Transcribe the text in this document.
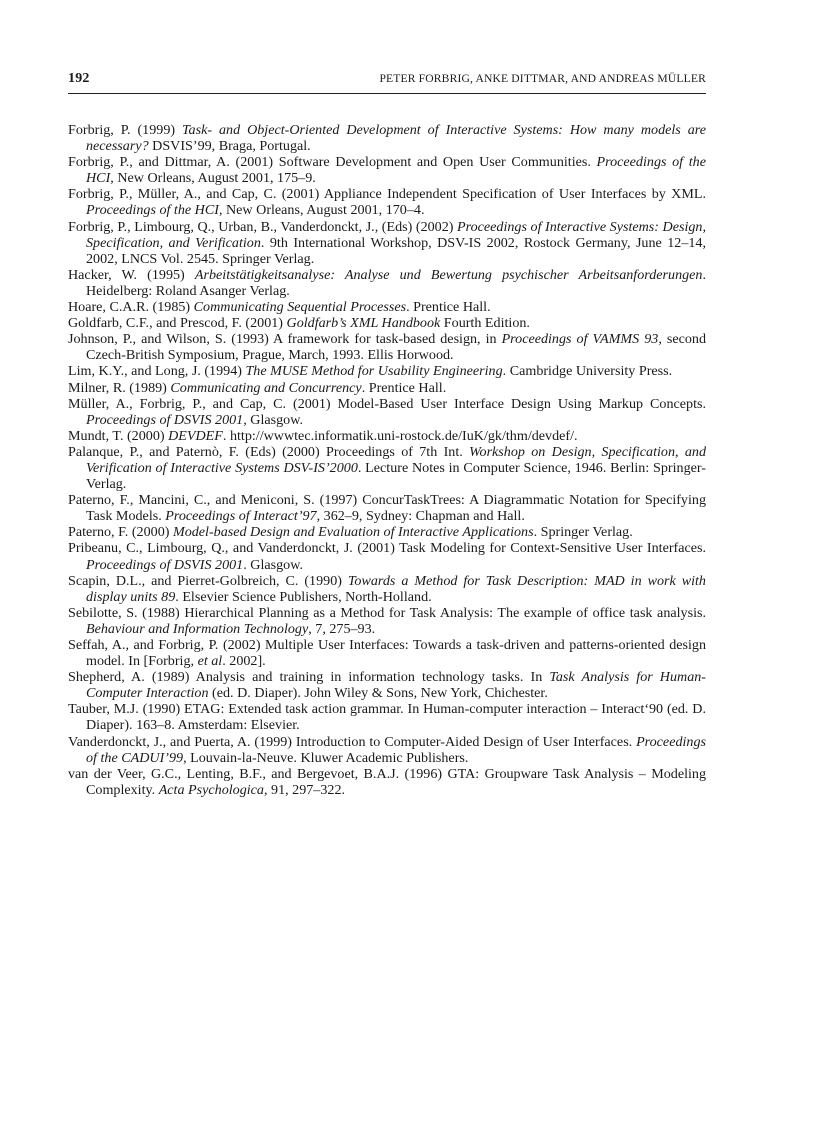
192	PETER FORBRIG, ANKE DITTMAR, AND ANDREAS MÜLLER
Forbrig, P. (1999) Task- and Object-Oriented Development of Interactive Systems: How many models are necessary? DSVIS’99, Braga, Portugal.
Forbrig, P., and Dittmar, A. (2001) Software Development and Open User Communities. Proceedings of the HCI, New Orleans, August 2001, 175–9.
Forbrig, P., Müller, A., and Cap, C. (2001) Appliance Independent Specification of User Interfaces by XML. Proceedings of the HCI, New Orleans, August 2001, 170–4.
Forbrig, P., Limbourg, Q., Urban, B., Vanderdonckt, J., (Eds) (2002) Proceedings of Interactive Systems: Design, Specification, and Verification. 9th International Workshop, DSV-IS 2002, Rostock Germany, June 12–14, 2002, LNCS Vol. 2545. Springer Verlag.
Hacker, W. (1995) Arbeitstätigkeitsanalyse: Analyse und Bewertung psychischer Arbeitsanforderungen. Heidelberg: Roland Asanger Verlag.
Hoare, C.A.R. (1985) Communicating Sequential Processes. Prentice Hall.
Goldfarb, C.F., and Prescod, F. (2001) Goldfarb’s XML Handbook Fourth Edition.
Johnson, P., and Wilson, S. (1993) A framework for task-based design, in Proceedings of VAMMS 93, second Czech-British Symposium, Prague, March, 1993. Ellis Horwood.
Lim, K.Y., and Long, J. (1994) The MUSE Method for Usability Engineering. Cambridge University Press.
Milner, R. (1989) Communicating and Concurrency. Prentice Hall.
Müller, A., Forbrig, P., and Cap, C. (2001) Model-Based User Interface Design Using Markup Concepts. Proceedings of DSVIS 2001, Glasgow.
Mundt, T. (2000) DEVDEF. http://wwwtec.informatik.uni-rostock.de/IuK/gk/thm/devdef/.
Palanque, P., and Paternò, F. (Eds) (2000) Proceedings of 7th Int. Workshop on Design, Specification, and Verification of Interactive Systems DSV-IS’2000. Lecture Notes in Computer Science, 1946. Berlin: Springer-Verlag.
Paterno, F., Mancini, C., and Meniconi, S. (1997) ConcurTaskTrees: A Diagrammatic Notation for Specifying Task Models. Proceedings of Interact’97, 362–9, Sydney: Chapman and Hall.
Paterno, F. (2000) Model-based Design and Evaluation of Interactive Applications. Springer Verlag.
Pribeanu, C., Limbourg, Q., and Vanderdonckt, J. (2001) Task Modeling for Context-Sensitive User Interfaces. Proceedings of DSVIS 2001. Glasgow.
Scapin, D.L., and Pierret-Golbreich, C. (1990) Towards a Method for Task Description: MAD in work with display units 89. Elsevier Science Publishers, North-Holland.
Sebilotte, S. (1988) Hierarchical Planning as a Method for Task Analysis: The example of office task analysis. Behaviour and Information Technology, 7, 275–93.
Seffah, A., and Forbrig, P. (2002) Multiple User Interfaces: Towards a task-driven and patterns-oriented design model. In [Forbrig, et al. 2002].
Shepherd, A. (1989) Analysis and training in information technology tasks. In Task Analysis for Human-Computer Interaction (ed. D. Diaper). John Wiley & Sons, New York, Chichester.
Tauber, M.J. (1990) ETAG: Extended task action grammar. In Human-computer interaction – Interact‘90 (ed. D. Diaper). 163–8. Amsterdam: Elsevier.
Vanderdonckt, J., and Puerta, A. (1999) Introduction to Computer-Aided Design of User Interfaces. Proceedings of the CADUI’99, Louvain-la-Neuve. Kluwer Academic Publishers.
van der Veer, G.C., Lenting, B.F., and Bergevoet, B.A.J. (1996) GTA: Groupware Task Analysis – Modeling Complexity. Acta Psychologica, 91, 297–322.
